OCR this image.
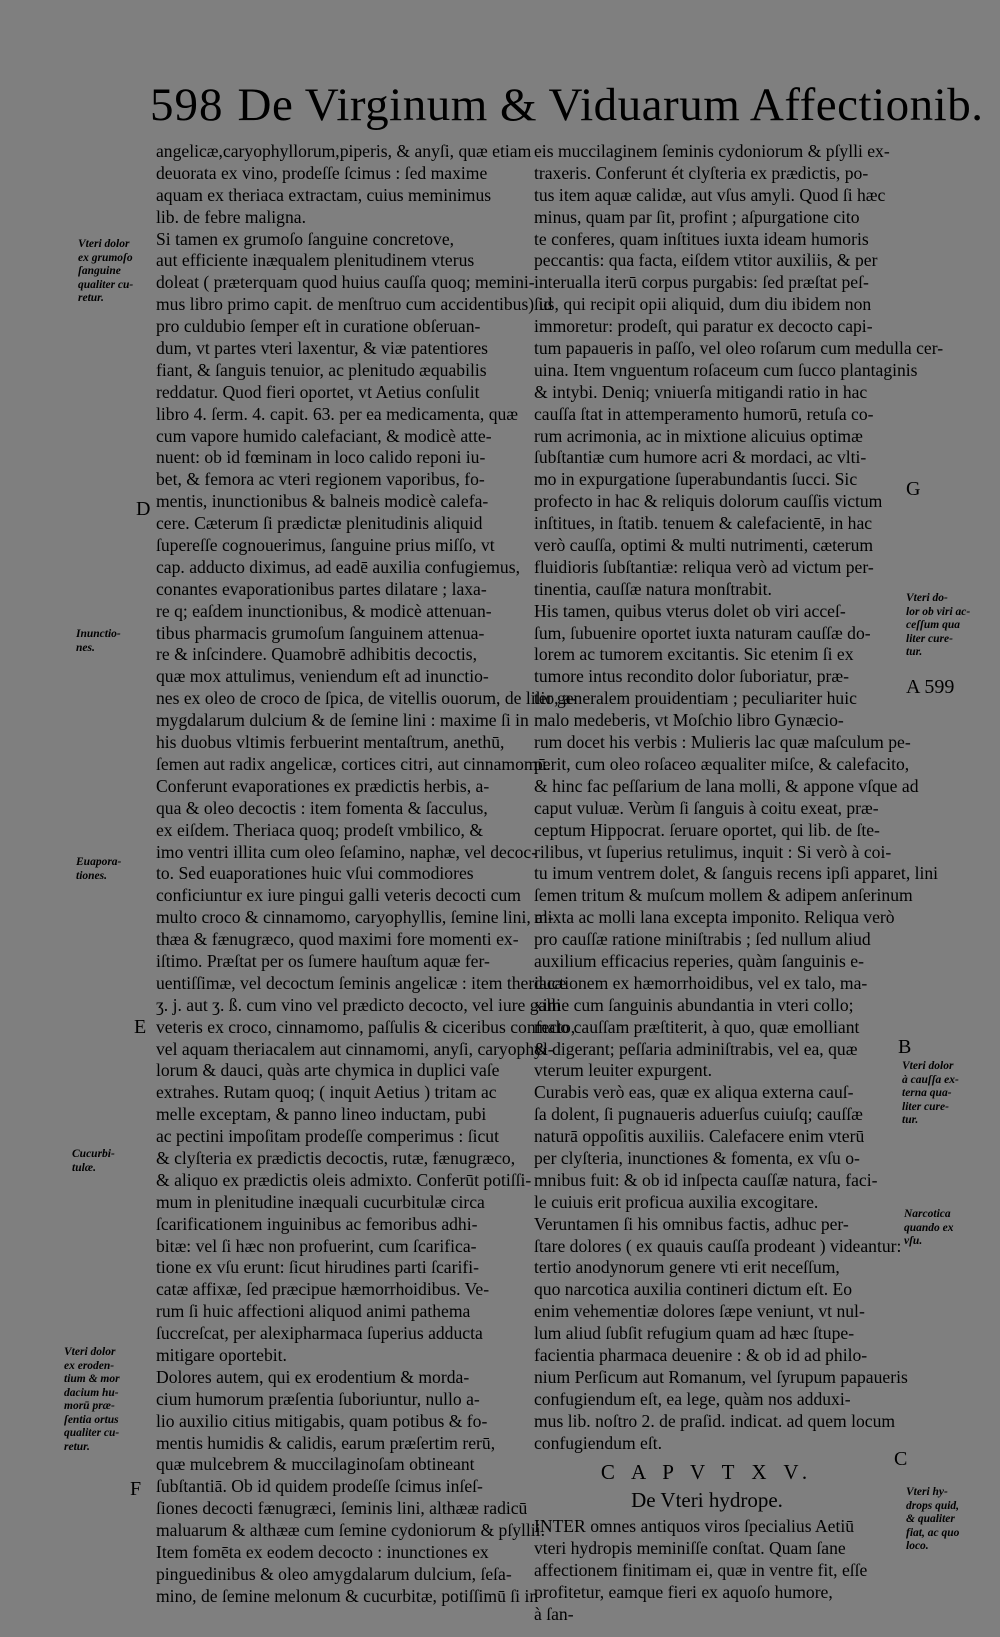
598 De Virginum & Viduarum Affectionib.
angelicæ,caryophyllorum,piperis, & anyſi, quæ etiam
deuorata ex vino, prodeſſe ſcimus : ſed maxime
aquam ex theriaca extractam, cuius meminimus
lib. de febre maligna.
Si tamen ex grumoſo ſanguine concretove,
aut efficiente inæqualem plenitudinem vterus
doleat ( præterquam quod huius cauſſa quoq; memini-
mus libro primo capit. de menſtruo cum accidentibus) id
pro culdubio ſemper eſt in curatione obſeruan-
dum, vt partes vteri laxentur, & viæ patentiores
fiant, & ſanguis tenuior, ac plenitudo æquabilis
reddatur. Quod fieri oportet, vt Aetius conſulit
libro 4. ſerm. 4. capit. 63. per ea medicamenta, quæ
cum vapore humido calefaciant, & modicè atte-
nuent: ob id fœminam in loco calido reponi iu-
bet, & femora ac vteri regionem vaporibus, fo-
mentis, inunctionibus & balneis modicè calefa-
cere. Cæterum ſi prædictæ plenitudinis aliquid
ſupereſſe cognouerimus, ſanguine prius miſſo, vt
cap. adducto diximus, ad eadē auxilia confugiemus,
conantes evaporationibus partes dilatare ; laxa-
re q; eaſdem inunctionibus, & modicè attenuan-
tibus pharmacis grumoſum ſanguinem attenua-
re & inſcindere. Quamobrē adhibitis decoctis,
quæ mox attulimus, veniendum eſt ad inunctio-
nes ex oleo de croco de ſpica, de vitellis ouorum, de lilio, a-
mygdalarum dulcium & de ſemine lini : maxime ſi in
his duobus vltimis ferbuerint mentaſtrum, anethū,
ſemen aut radix angelicæ, cortices citri, aut cinnamomū.
Conferunt evaporationes ex prædictis herbis, a-
qua & oleo decoctis : item fomenta & ſacculus,
ex eiſdem. Theriaca quoq; prodeſt vmbilico, &
imo ventri illita cum oleo ſeſamino, naphæ, vel decoc-
to. Sed euaporationes huic vſui commodiores
conficiuntur ex iure pingui galli veteris decocti cum
multo croco & cinnamomo, caryophyllis, ſemine lini, al-
thæa & fænugræco, quod maximi fore momenti ex-
iſtimo. Præſtat per os ſumere hauſtum aquæ fer-
uentiſſimæ, vel decoctum ſeminis angelicæ : item theriacæ
ʒ. j. aut ʒ. ß. cum vino vel prædicto decocto, vel iure galli
veteris ex croco, cinnamomo, paſſulis & ciceribus confecto,
vel aquam theriacalem aut cinnamomi, anyſi, caryophyl-
lorum & dauci, quàs arte chymica in duplici vaſe
extrahes. Rutam quoq; ( inquit Aetius ) tritam ac
melle exceptam, & panno lineo inductam, pubi
ac pectini impoſitam prodeſſe comperimus : ſicut
& clyſteria ex prædictis decoctis, rutæ, fænugræco,
& aliquo ex prædictis oleis admixto. Conferūt potiſſi-
mum in plenitudine inæquali cucurbitulæ circa
ſcarificationem inguinibus ac femoribus adhi-
bitæ: vel ſi hæc non profuerint, cum ſcarifica-
tione ex vſu erunt: ſicut hirudines parti ſcarifi-
catæ affixæ, ſed præcipue hæmorrhoidibus. Ve-
rum ſi huic affectioni aliquod animi pathema
ſuccreſcat, per alexipharmaca ſuperius adducta
mitigare oportebit.
Dolores autem, qui ex erodentium & morda-
cium humorum præſentia ſuboriuntur, nullo a-
lio auxilio citius mitigabis, quam potibus & fo-
mentis humidis & calidis, earum præſertim rerū,
quæ mulcebrem & muccilaginoſam obtineant
ſubſtantiā. Ob id quidem prodeſſe ſcimus inſeſ-
ſiones decocti fænugræci, ſeminis lini, althææ radicū
maluarum & althææ cum ſemine cydoniorum & pſyllii.
Item fomēta ex eodem decocto : inunctiones ex
pinguedinibus & oleo amygdalarum dulcium, ſeſa-
mino, de ſemine melonum & cucurbitæ, potiſſimū ſi in
eis muccilaginem ſeminis cydoniorum & pſylli ex-
traxeris. Conferunt ét clyſteria ex prædictis, po-
tus item aquæ calidæ, aut vſus amyli. Quod ſi hæc
minus, quam par ſit, profint ; aſpurgatione cito
te conferes, quam inſtitues iuxta ideam humoris
peccantis: qua facta, eiſdem vtitor auxiliis, & per
interualla iterū corpus purgabis: ſed præſtat peſ-
ſus, qui recipit opii aliquid, dum diu ibidem non
immoretur: prodeſt, qui paratur ex decocto capi-
tum papaueris in paſſo, vel oleo roſarum cum medulla cer-
uina. Item vnguentum roſaceum cum ſucco plantaginis
& intybi. Deniq; vniuerſa mitigandi ratio in hac
cauſſa ſtat in attemperamento humorū, retuſa co-
rum acrimonia, ac in mixtione alicuius optimæ
ſubſtantiæ cum humore acri & mordaci, ac vlti-
mo in expurgatione ſuperabundantis ſucci. Sic
profecto in hac & reliquis dolorum cauſſis victum
inſtitues, in ſtatib. tenuem & calefacientē, in hac
verò cauſſa, optimi & multi nutrimenti, cæterum
fluidioris ſubſtantiæ: reliqua verò ad victum per-
tinentia, cauſſæ natura monſtrabit.
His tamen, quibus vterus dolet ob viri acceſ-
ſum, ſubuenire oportet iuxta naturam cauſſæ do-
lorem ac tumorem excitantis. Sic etenim ſi ex
tumore intus recondito dolor ſuboriatur, præ-
ter generalem prouidentiam ; peculiariter huic
malo medeberis, vt Moſchio libro Gynæcio-
rum docet his verbis : Mulieris lac quæ maſculum pe-
perit, cum oleo roſaceo æqualiter miſce, & calefacito,
& hinc fac peſſarium de lana molli, & appone vſque ad
caput vuluæ. Verùm ſi ſanguis à coitu exeat, præ-
ceptum Hippocrat. ſeruare oportet, qui lib. de ſte-
rilibus, vt ſuperius retulimus, inquit : Si verò à coi-
tu imum ventrem dolet, & ſanguis recens ipſi apparet, lini
ſemen tritum & muſcum mollem & adipem anſerinum
mixta ac molli lana excepta imponito. Reliqua verò
pro cauſſæ ratione miniſtrabis ; ſed nullum aliud
auxilium efficacius reperies, quàm ſanguinis e-
ductionem ex hæmorrhoidibus, vel ex talo, ma-
xime cum ſanguinis abundantia in vteri collo;
malo cauſſam præſtiterit, à quo, quæ emolliant
& digerant; peſſaria adminiſtrabis, vel ea, quæ
vterum leuiter expurgent.
Curabis verò eas, quæ ex aliqua externa cauſ-
ſa dolent, ſi pugnaueris aduerſus cuiuſq; cauſſæ
naturā oppoſitis auxiliis. Calefacere enim vterū
per clyſteria, inunctiones & fomenta, ex vſu o-
mnibus fuit: & ob id inſpecta cauſſæ natura, faci-
le cuiuis erit proficua auxilia excogitare.
Veruntamen ſi his omnibus factis, adhuc per-
ſtare dolores ( ex quauis cauſſa prodeant ) videantur:
tertio anodynorum genere vti erit neceſſum,
quo narcotica auxilia contineri dictum eſt. Eo
enim vehementiæ dolores ſæpe veniunt, vt nul-
lum aliud ſubſit refugium quam ad hæc ſtupe-
facientia pharmaca deuenire : & ob id ad philo-
nium Perſicum aut Romanum, vel ſyrupum papaueris
confugiendum eſt, ea lege, quàm nos adduxi-
mus lib. noſtro 2. de praſid. indicat. ad quem locum
confugiendum eſt.
C A P V T X V.
De Vteri hydrope.
INTER omnes antiquos viros ſpecialius Aetiū
vteri hydropis meminiſſe conſtat. Quam ſane
affectionem finitimam ei, quæ in ventre fit, eſſe
profitetur, eamque fieri ex aquoſo humore,
à ſan-
Vteri dolor
ex grumoſo
ſanguine
qualiter cu-
retur.
Inunctio-
nes.
Euapora-
tiones.
Cucurbi-
tulæ.
Vteri dolor
ex eroden-
tium & mor
dacium hu-
morū præ-
ſentia ortus
qualiter cu-
retur.
Vteri do-
lor ob viri ac-
ceſſum qua
liter cure-
tur.
Vteri dolor
à cauſſa ex-
terna qua-
liter cure-
tur.
Narcotica
quando ex
vſu.
Vteri hy-
drops quid,
& qualiter
fiat, ac quo
loco.
D
E
F
G
A 599
B
C
